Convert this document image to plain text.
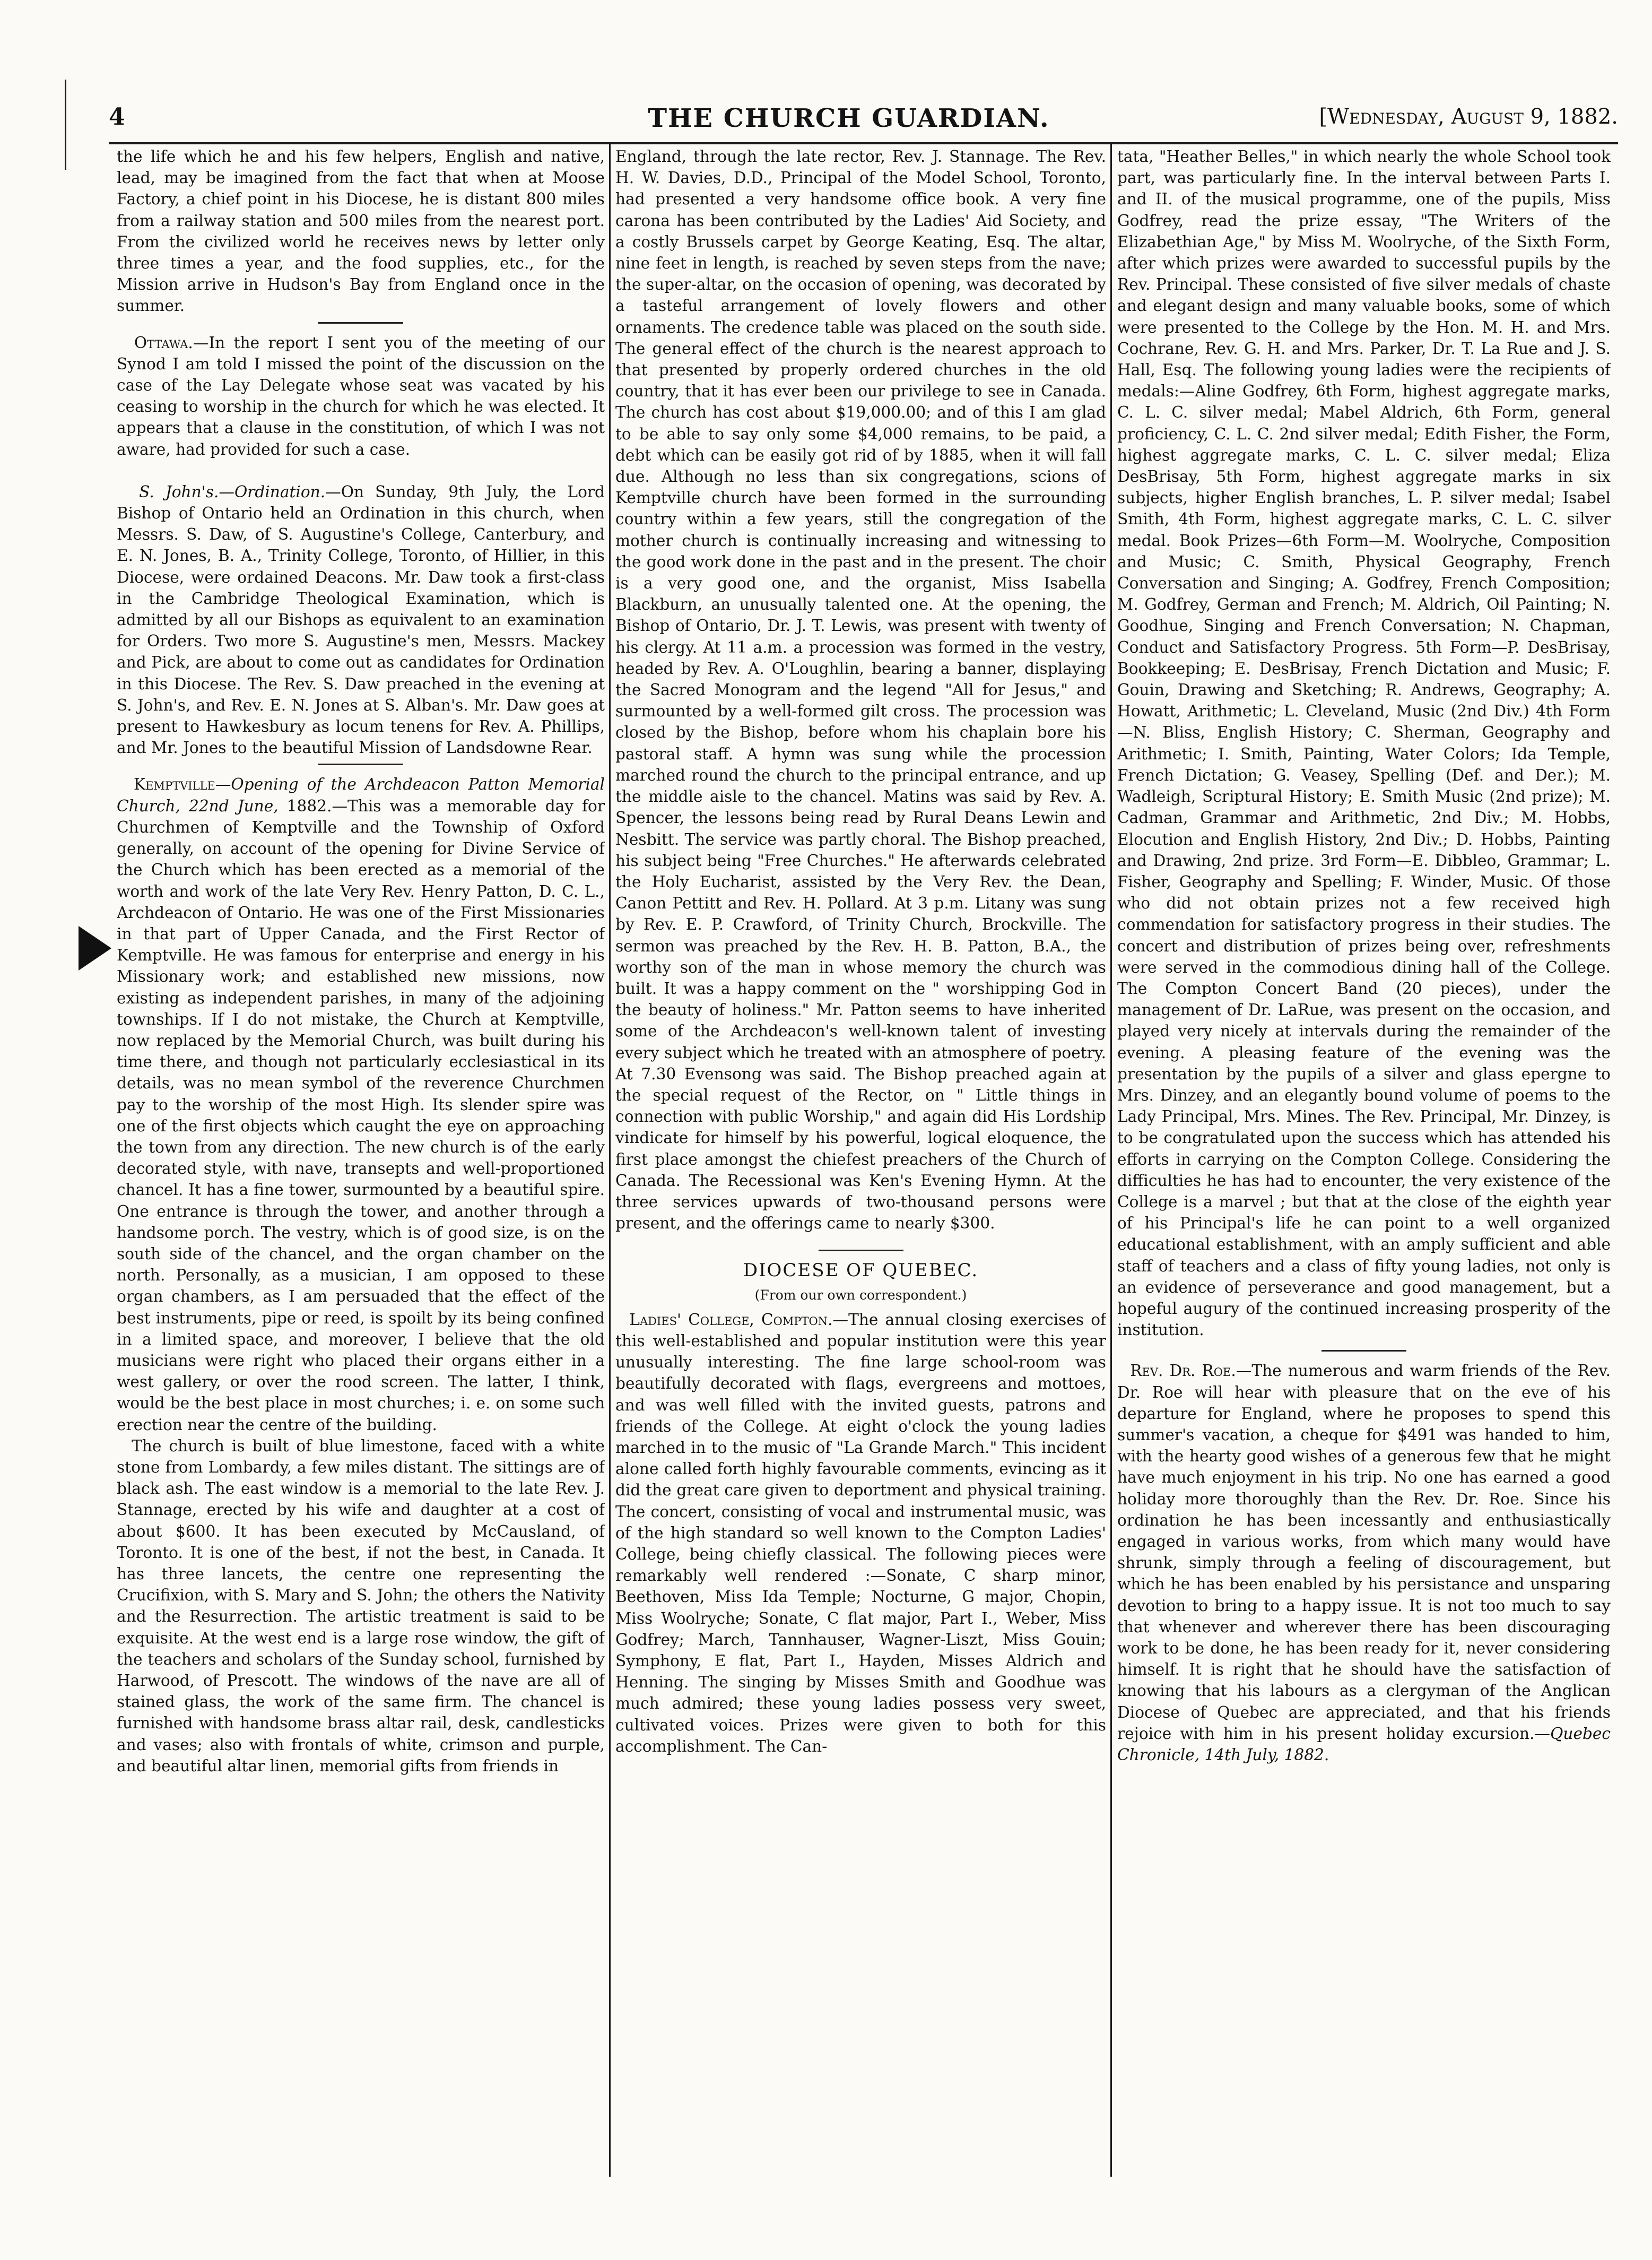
4	THE CHURCH GUARDIAN.	[Wednesday, August 9, 1882.

the life which he and his few helpers, English and native, lead, may be imagined from the fact that when at Moose Factory, a chief point in his Diocese, he is distant 800 miles from a railway station and 500 miles from the nearest port. From the civilized world he receives news by letter only three times a year, and the food supplies, etc., for the Mission arrive in Hudson's Bay from England once in the summer.

Ottawa.—In the report I sent you of the meeting of our Synod I am told I missed the point of the discussion on the case of the Lay Delegate whose seat was vacated by his ceasing to worship in the church for which he was elected. It appears that a clause in the constitution, of which I was not aware, had provided for such a case.

S. John's.—Ordination.—On Sunday, 9th July, the Lord Bishop of Ontario held an Ordination in this church, when Messrs. S. Daw, of S. Augustine's College, Canterbury, and E. N. Jones, B. A., Trinity College, Toronto, of Hillier, in this Diocese, were ordained Deacons. Mr. Daw took a first-class in the Cambridge Theological Examination, which is admitted by all our Bishops as equivalent to an examination for Orders. Two more S. Augustine's men, Messrs. Mackey and Pick, are about to come out as candidates for Ordination in this Diocese. The Rev. S. Daw preached in the evening at S. John's, and Rev. E. N. Jones at S. Alban's. Mr. Daw goes at present to Hawkesbury as locum tenens for Rev. A. Phillips, and Mr. Jones to the beautiful Mission of Landsdowne Rear.

Kemptville—Opening of the Archdeacon Patton Memorial Church, 22nd June, 1882.—This was a memorable day for Churchmen of Kemptville and the Township of Oxford generally, on account of the opening for Divine Service of the Church which has been erected as a memorial of the worth and work of the late Very Rev. Henry Patton, D. C. L., Archdeacon of Ontario. He was one of the First Missionaries in that part of Upper Canada, and the First Rector of Kemptville. He was famous for enterprise and energy in his Missionary work; and established new missions, now existing as independent parishes, in many of the adjoining townships. If I do not mistake, the Church at Kemptville, now replaced by the Memorial Church, was built during his time there, and though not particularly ecclesiastical in its details, was no mean symbol of the reverence Churchmen pay to the worship of the most High. Its slender spire was one of the first objects which caught the eye on approaching the town from any direction. The new church is of the early decorated style, with nave, transepts and well-proportioned chancel. It has a fine tower, surmounted by a beautiful spire. One entrance is through the tower, and another through a handsome porch. The vestry, which is of good size, is on the south side of the chancel, and the organ chamber on the north. Personally, as a musician, I am opposed to these organ chambers, as I am persuaded that the effect of the best instruments, pipe or reed, is spoilt by its being confined in a limited space, and moreover, I believe that the old musicians were right who placed their organs either in a west gallery, or over the rood screen. The latter, I think, would be the best place in most churches; i. e. on some such erection near the centre of the building.

The church is built of blue limestone, faced with a white stone from Lombardy, a few miles distant. The sittings are of black ash. The east window is a memorial to the late Rev. J. Stannage, erected by his wife and daughter at a cost of about $600. It has been executed by McCausland, of Toronto. It is one of the best, if not the best, in Canada. It has three lancets, the centre one representing the Crucifixion, with S. Mary and S. John; the others the Nativity and the Resurrection. The artistic treatment is said to be exquisite. At the west end is a large rose window, the gift of the teachers and scholars of the Sunday school, furnished by Harwood, of Prescott. The windows of the nave are all of stained glass, the work of the same firm. The chancel is furnished with handsome brass altar rail, desk, candlesticks and vases; also with frontals of white, crimson and purple, and beautiful altar linen, memorial gifts from friends in

England, through the late rector, Rev. J. Stannage. The Rev. H. W. Davies, D.D., Principal of the Model School, Toronto, had presented a very handsome office book. A very fine carona has been contributed by the Ladies' Aid Society, and a costly Brussels carpet by George Keating, Esq. The altar, nine feet in length, is reached by seven steps from the nave; the super-altar, on the occasion of opening, was decorated by a tasteful arrangement of lovely flowers and other ornaments. The credence table was placed on the south side. The general effect of the church is the nearest approach to that presented by properly ordered churches in the old country, that it has ever been our privilege to see in Canada. The church has cost about $19,000.00; and of this I am glad to be able to say only some $4,000 remains, to be paid, a debt which can be easily got rid of by 1885, when it will fall due. Although no less than six congregations, scions of Kemptville church have been formed in the surrounding country within a few years, still the congregation of the mother church is continually increasing and witnessing to the good work done in the past and in the present. The choir is a very good one, and the organist, Miss Isabella Blackburn, an unusually talented one. At the opening, the Bishop of Ontario, Dr. J. T. Lewis, was present with twenty of his clergy. At 11 a.m. a procession was formed in the vestry, headed by Rev. A. O'Loughlin, bearing a banner, displaying the Sacred Monogram and the legend "All for Jesus," and surmounted by a well-formed gilt cross. The procession was closed by the Bishop, before whom his chaplain bore his pastoral staff. A hymn was sung while the procession marched round the church to the principal entrance, and up the middle aisle to the chancel. Matins was said by Rev. A. Spencer, the lessons being read by Rural Deans Lewin and Nesbitt. The service was partly choral. The Bishop preached, his subject being "Free Churches." He afterwards celebrated the Holy Eucharist, assisted by the Very Rev. the Dean, Canon Pettitt and Rev. H. Pollard. At 3 p.m. Litany was sung by Rev. E. P. Crawford, of Trinity Church, Brockville. The sermon was preached by the Rev. H. B. Patton, B.A., the worthy son of the man in whose memory the church was built. It was a happy comment on the " worshipping God in the beauty of holiness." Mr. Patton seems to have inherited some of the Archdeacon's well-known talent of investing every subject which he treated with an atmosphere of poetry. At 7.30 Evensong was said. The Bishop preached again at the special request of the Rector, on " Little things in connection with public Worship," and again did His Lordship vindicate for himself by his powerful, logical eloquence, the first place amongst the chiefest preachers of the Church of Canada. The Recessional was Ken's Evening Hymn. At the three services upwards of two-thousand persons were present, and the offerings came to nearly $300.

DIOCESE OF QUEBEC.
(From our own correspondent.)

Ladies' College, Compton.—The annual closing exercises of this well-established and popular institution were this year unusually interesting. The fine large school-room was beautifully decorated with flags, evergreens and mottoes, and was well filled with the invited guests, patrons and friends of the College. At eight o'clock the young ladies marched in to the music of "La Grande March." This incident alone called forth highly favourable comments, evincing as it did the great care given to deportment and physical training. The concert, consisting of vocal and instrumental music, was of the high standard so well known to the Compton Ladies' College, being chiefly classical. The following pieces were remarkably well rendered :—Sonate, C sharp minor, Beethoven, Miss Ida Temple; Nocturne, G major, Chopin, Miss Woolryche; Sonate, C flat major, Part I., Weber, Miss Godfrey; March, Tannhauser, Wagner-Liszt, Miss Gouin; Symphony, E flat, Part I., Hayden, Misses Aldrich and Henning. The singing by Misses Smith and Goodhue was much admired; these young ladies possess very sweet, cultivated voices. Prizes were given to both for this accomplishment. The Can-

tata, "Heather Belles," in which nearly the whole School took part, was particularly fine. In the interval between Parts I. and II. of the musical programme, one of the pupils, Miss Godfrey, read the prize essay, "The Writers of the Elizabethian Age," by Miss M. Woolryche, of the Sixth Form, after which prizes were awarded to successful pupils by the Rev. Principal. These consisted of five silver medals of chaste and elegant design and many valuable books, some of which were presented to the College by the Hon. M. H. and Mrs. Cochrane, Rev. G. H. and Mrs. Parker, Dr. T. La Rue and J. S. Hall, Esq. The following young ladies were the recipients of medals:—Aline Godfrey, 6th Form, highest aggregate marks, C. L. C. silver medal; Mabel Aldrich, 6th Form, general proficiency, C. L. C. 2nd silver medal; Edith Fisher, the Form, highest aggregate marks, C. L. C. silver medal; Eliza DesBrisay, 5th Form, highest aggregate marks in six subjects, higher English branches, L. P. silver medal; Isabel Smith, 4th Form, highest aggregate marks, C. L. C. silver medal. Book Prizes—6th Form—M. Woolryche, Composition and Music; C. Smith, Physical Geography, French Conversation and Singing; A. Godfrey, French Composition; M. Godfrey, German and French; M. Aldrich, Oil Painting; N. Goodhue, Singing and French Conversation; N. Chapman, Conduct and Satisfactory Progress. 5th Form—P. DesBrisay, Bookkeeping; E. DesBrisay, French Dictation and Music; F. Gouin, Drawing and Sketching; R. Andrews, Geography; A. Howatt, Arithmetic; L. Cleveland, Music (2nd Div.) 4th Form—N. Bliss, English History; C. Sherman, Geography and Arithmetic; I. Smith, Painting, Water Colors; Ida Temple, French Dictation; G. Veasey, Spelling (Def. and Der.); M. Wadleigh, Scriptural History; E. Smith Music (2nd prize); M. Cadman, Grammar and Arithmetic, 2nd Div.; M. Hobbs, Elocution and English History, 2nd Div.; D. Hobbs, Painting and Drawing, 2nd prize. 3rd Form—E. Dibbleo, Grammar; L. Fisher, Geography and Spelling; F. Winder, Music. Of those who did not obtain prizes not a few received high commendation for satisfactory progress in their studies. The concert and distribution of prizes being over, refreshments were served in the commodious dining hall of the College. The Compton Concert Band (20 pieces), under the management of Dr. LaRue, was present on the occasion, and played very nicely at intervals during the remainder of the evening. A pleasing feature of the evening was the presentation by the pupils of a silver and glass epergne to Mrs. Dinzey, and an elegantly bound volume of poems to the Lady Principal, Mrs. Mines. The Rev. Principal, Mr. Dinzey, is to be congratulated upon the success which has attended his efforts in carrying on the Compton College. Considering the difficulties he has had to encounter, the very existence of the College is a marvel ; but that at the close of the eighth year of his Principal's life he can point to a well organized educational establishment, with an amply sufficient and able staff of teachers and a class of fifty young ladies, not only is an evidence of perseverance and good management, but a hopeful augury of the continued increasing prosperity of the institution.

Rev. Dr. Roe.—The numerous and warm friends of the Rev. Dr. Roe will hear with pleasure that on the eve of his departure for England, where he proposes to spend this summer's vacation, a cheque for $491 was handed to him, with the hearty good wishes of a generous few that he might have much enjoyment in his trip. No one has earned a good holiday more thoroughly than the Rev. Dr. Roe. Since his ordination he has been incessantly and enthusiastically engaged in various works, from which many would have shrunk, simply through a feeling of discouragement, but which he has been enabled by his persistance and unsparing devotion to bring to a happy issue. It is not too much to say that whenever and wherever there has been discouraging work to be done, he has been ready for it, never considering himself. It is right that he should have the satisfaction of knowing that his labours as a clergyman of the Anglican Diocese of Quebec are appreciated, and that his friends rejoice with him in his present holiday excursion.—Quebec Chronicle, 14th July, 1882.
